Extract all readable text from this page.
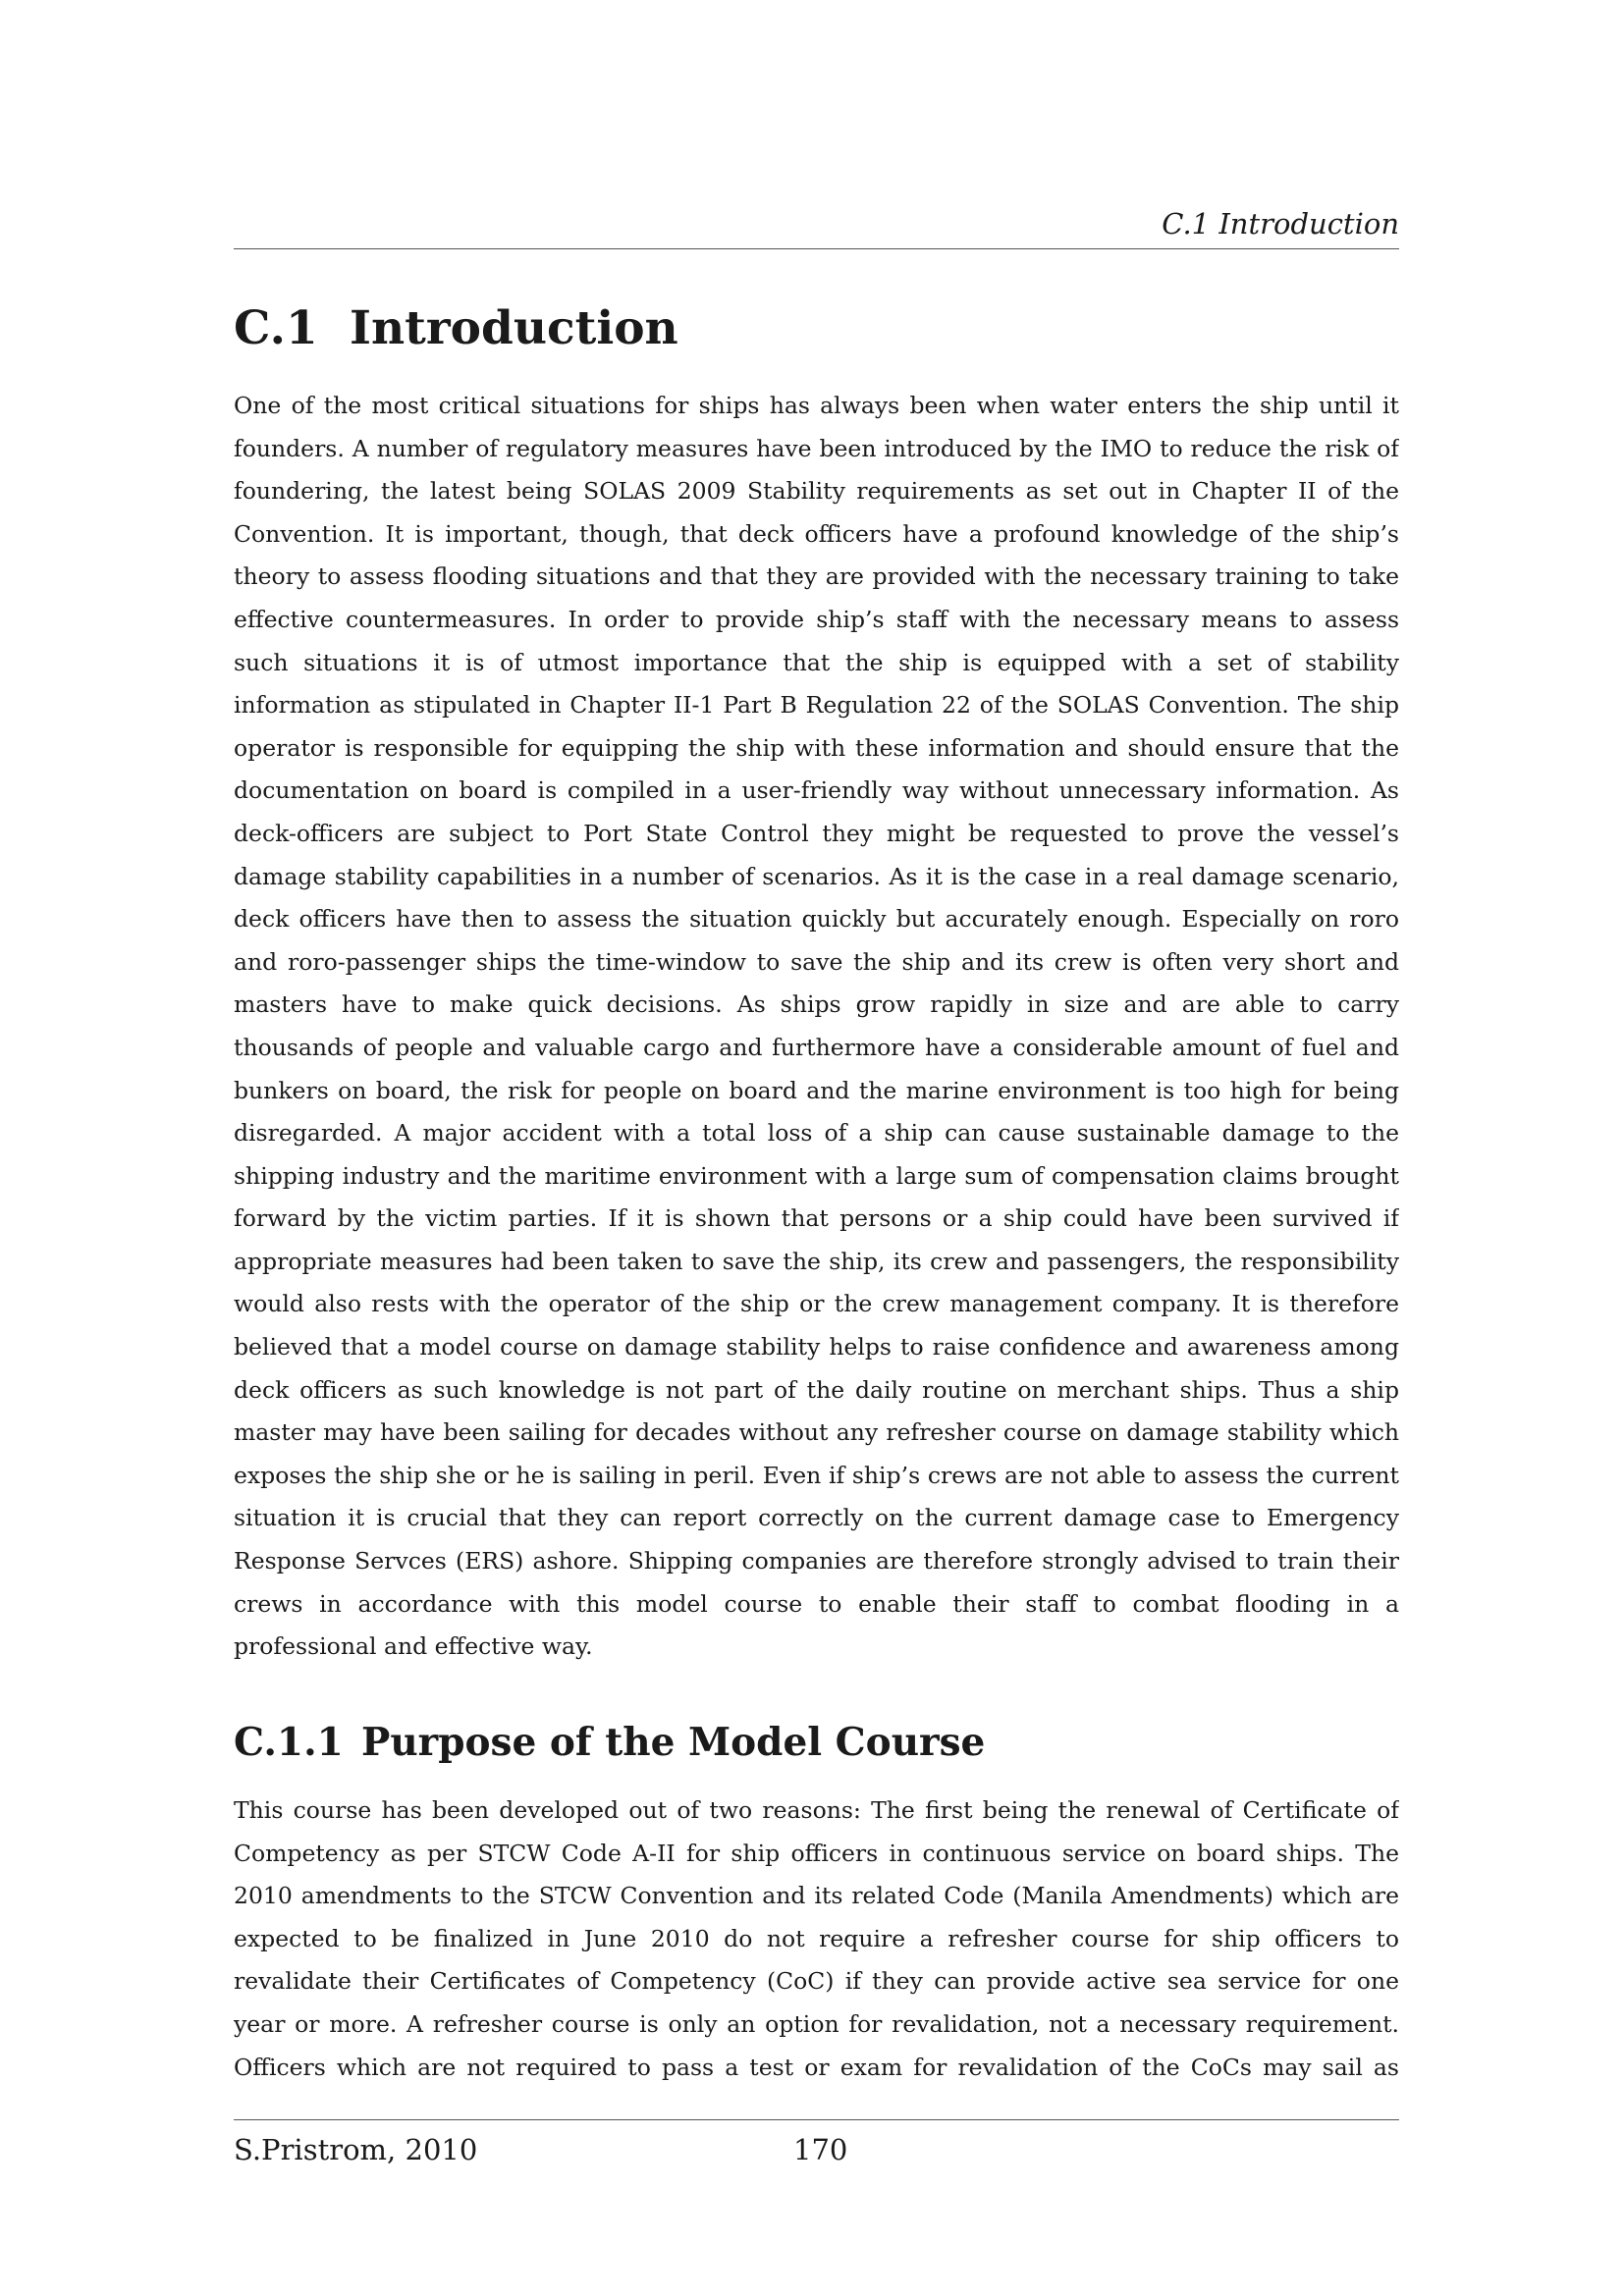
C.1 Introduction
C.1 Introduction

One of the most critical situations for ships has always been when water enters the ship until it founders. A number of regulatory measures have been introduced by the IMO to reduce the risk of foundering, the latest being SOLAS 2009 Stability requirements as set out in Chapter II of the Convention. It is important, though, that deck officers have a profound knowledge of the ship’s theory to assess flooding situations and that they are provided with the necessary training to take effective countermeasures. In order to provide ship’s staff with the necessary means to assess such situations it is of utmost importance that the ship is equipped with a set of stability information as stipulated in Chapter II-1 Part B Regulation 22 of the SOLAS Convention. The ship operator is responsible for equipping the ship with these information and should ensure that the documentation on board is compiled in a user-friendly way without unnecessary information. As deck-officers are subject to Port State Control they might be requested to prove the vessel’s damage stability capabilities in a number of scenarios. As it is the case in a real damage scenario, deck officers have then to assess the situation quickly but accurately enough. Especially on roro and roro-passenger ships the time-window to save the ship and its crew is often very short and masters have to make quick decisions. As ships grow rapidly in size and are able to carry thousands of people and valuable cargo and furthermore have a considerable amount of fuel and bunkers on board, the risk for people on board and the marine environment is too high for being disregarded. A major accident with a total loss of a ship can cause sustainable damage to the shipping industry and the maritime environment with a large sum of compensation claims brought forward by the victim parties. If it is shown that persons or a ship could have been survived if appropriate measures had been taken to save the ship, its crew and passengers, the responsibility would also rests with the operator of the ship or the crew management company. It is therefore believed that a model course on damage stability helps to raise confidence and awareness among deck officers as such knowledge is not part of the daily routine on merchant ships. Thus a ship master may have been sailing for decades without any refresher course on damage stability which exposes the ship she or he is sailing in peril. Even if ship’s crews are not able to assess the current situation it is crucial that they can report correctly on the current damage case to Emergency Response Servces (ERS) ashore. Shipping companies are therefore strongly advised to train their crews in accordance with this model course to enable their staff to combat flooding in a professional and effective way.

C.1.1 Purpose of the Model Course

This course has been developed out of two reasons: The first being the renewal of Certificate of Competency as per STCW Code A-II for ship officers in continuous service on board ships. The 2010 amendments to the STCW Convention and its related Code (Manila Amendments) which are expected to be finalized in June 2010 do not require a refresher course for ship officers to revalidate their Certificates of Competency (CoC) if they can provide active sea service for one year or more. A refresher course is only an option for revalidation, not a necessary requirement. Officers which are not required to pass a test or exam for revalidation of the CoCs may sail as

S.Pristrom, 2010	170
